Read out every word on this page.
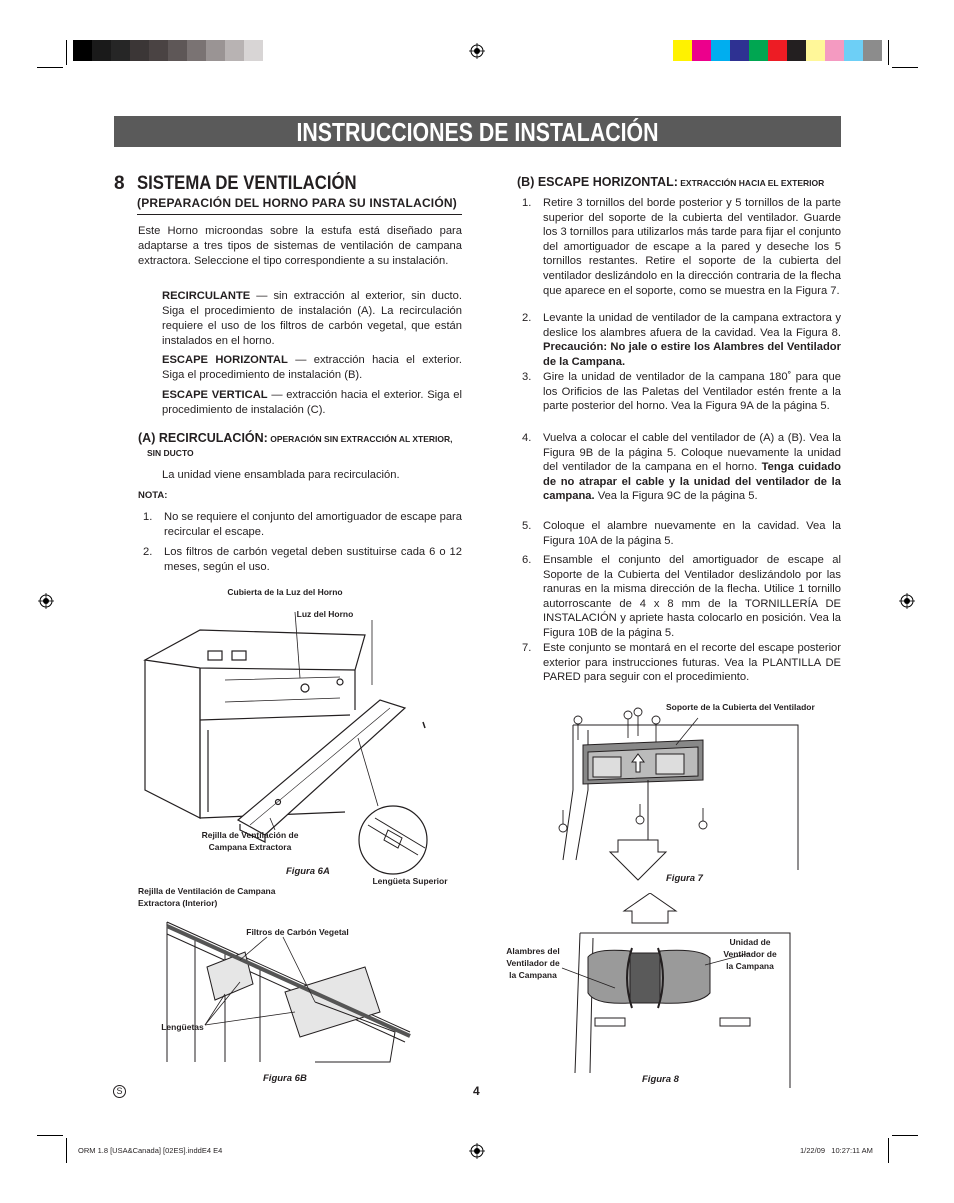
INSTRUCCIONES DE INSTALACIÓN
8 SISTEMA DE VENTILACIÓN
(PREPARACIÓN DEL HORNO PARA SU INSTALACIÓN)
Este Horno microondas sobre la estufa está diseñado para adaptarse a tres tipos de sistemas de ventilación de campana extractora. Seleccione el tipo correspondiente a su instalación.
RECIRCULANTE — sin extracción al exterior, sin ducto. Siga el procedimiento de instalación (A). La recirculación requiere el uso de los filtros de carbón vegetal, que están instalados en el horno.
ESCAPE HORIZONTAL — extracción hacia el exterior. Siga el procedimiento de instalación (B).
ESCAPE VERTICAL — extracción hacia el exterior. Siga el procedimiento de instalación (C).
(A) RECIRCULACIÓN: OPERACIÓN SIN EXTRACCIÓN AL XTERIOR,
SIN DUCTO
La unidad viene ensamblada para recirculación.
NOTA:
1. No se requiere el conjunto del amortiguador de escape para recircular el escape.
2. Los filtros de carbón vegetal deben sustituirse cada 6 o 12 meses, según el uso.
(B) ESCAPE HORIZONTAL: EXTRACCIÓN HACIA EL EXTERIOR
1. Retire 3 tornillos del borde posterior y 5 tornillos de la parte superior del soporte de la cubierta del ventilador. Guarde los 3 tornillos para utilizarlos más tarde para fijar el conjunto del amortiguador de escape a la pared y deseche los 5 tornillos restantes. Retire el soporte de la cubierta del ventilador deslizándolo en la dirección contraria de la flecha que aparece en el soporte, como se muestra en la Figura 7.
2. Levante la unidad de ventilador de la campana extractora y deslice los alambres afuera de la cavidad. Vea la Figura 8. Precaución: No jale o estire los Alambres del Ventilador de la Campana.
3. Gire la unidad de ventilador de la campana 180˚ para que los Orificios de las Paletas del Ventilador estén frente a la parte posterior del horno. Vea la Figura 9A de la página 5.
4. Vuelva a colocar el cable del ventilador de (A) a (B). Vea la Figura 9B de la página 5. Coloque nuevamente la unidad del ventilador de la campana en el horno. Tenga cuidado de no atrapar el cable y la unidad del ventilador de la campana. Vea la Figura 9C de la página 5.
5. Coloque el alambre nuevamente en la cavidad. Vea la Figura 10A de la página 5.
6. Ensamble el conjunto del amortiguador de escape al Soporte de la Cubierta del Ventilador deslizándolo por las ranuras en la misma dirección de la flecha. Utilice 1 tornillo autorroscante de 4 x 8 mm de la TORNILLERÍA DE INSTALACIÓN y apriete hasta colocarlo en posición. Vea la Figura 10B de la página 5.
7. Este conjunto se montará en el recorte del escape posterior exterior para instrucciones futuras. Vea la PLANTILLA DE PARED para seguir con el procedimiento.
Cubierta de la Luz del Horno
Luz del Horno
Rejilla de Ventilación de
Campana Extractora
Lengüeta Superior
Figura 6A
Rejilla de Ventilación de Campana
Extractora (Interior)
Filtros de Carbón Vegetal
Lengüetas
Figura 6B
Soporte de la Cubierta del Ventilador
Figura 7
Alambres del
Ventilador de
la Campana
Unidad de
Ventilador de
la Campana
Figura 8
S	4
ORM 1.8 [USA&Canada] [02ES].inddE4 E4	1/22/09   10:27:11 AM
